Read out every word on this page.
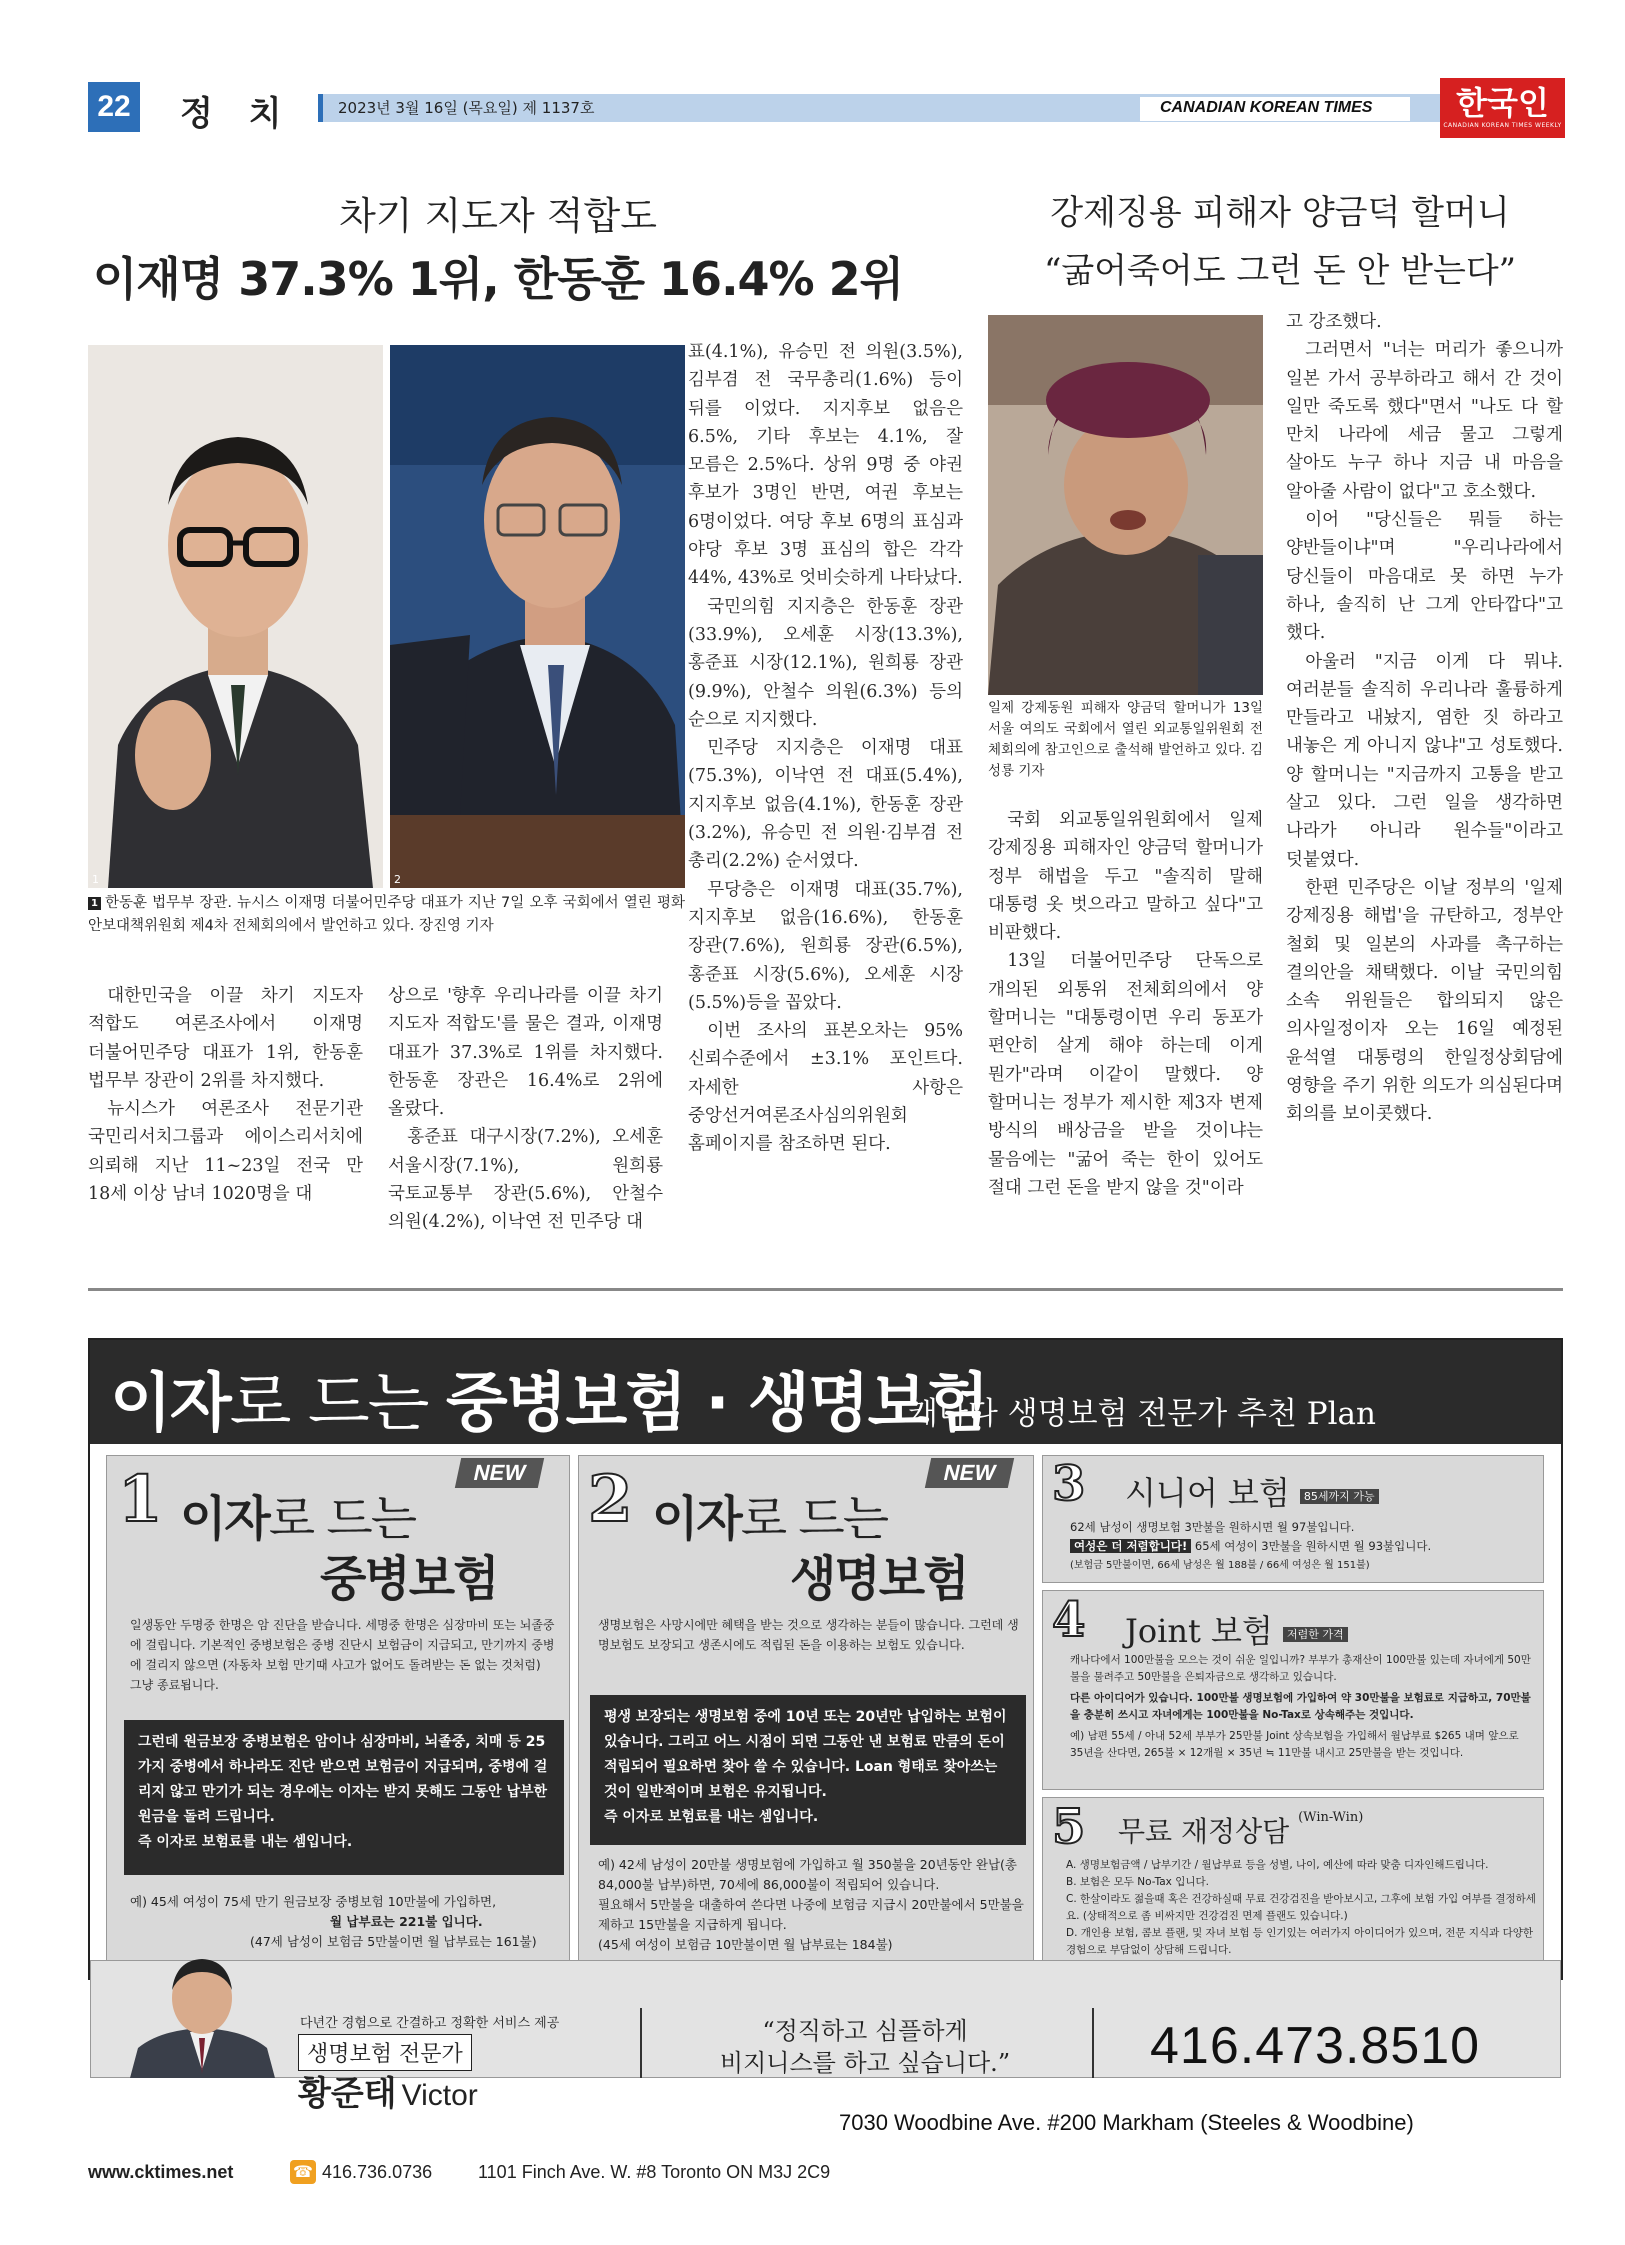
22 정 치	2023년 3월 16일 (목요일) 제 1137호	CANADIAN KOREAN TIMES	한국인
CANADIAN KOREAN TIMES WEEKLY
차기 지도자 적합도
이재명 37.3% 1위, 한동훈 16.4% 2위
1	2
1 한동훈 법무부 장관. 뉴시스 이재명 더불어민주당 대표가 지난 7일 오후 국회에서 열린 평화안보대책위원회 제4차 전체회의에서 발언하고 있다. 장진영 기자

대한민국을 이끌 차기 지도자 적합도 여론조사에서 이재명 더불어민주당 대표가 1위, 한동훈 법무부 장관이 2위를 차지했다.

뉴시스가 여론조사 전문기관 국민리서치그룹과 에이스리서치에 의뢰해 지난 11~23일 전국 만 18세 이상 남녀 1020명을 대

상으로 '향후 우리나라를 이끌 차기 지도자 적합도'를 물은 결과, 이재명 대표가 37.3%로 1위를 차지했다. 한동훈 장관은 16.4%로 2위에 올랐다.

홍준표 대구시장(7.2%), 오세훈 서울시장(7.1%), 원희룡 국토교통부 장관(5.6%), 안철수 의원(4.2%), 이낙연 전 민주당 대

표(4.1%), 유승민 전 의원(3.5%), 김부겸 전 국무총리(1.6%) 등이 뒤를 이었다. 지지후보 없음은 6.5%, 기타 후보는 4.1%, 잘 모름은 2.5%다. 상위 9명 중 야권 후보가 3명인 반면, 여권 후보는 6명이었다. 여당 후보 6명의 표심과 야당 후보 3명 표심의 합은 각각 44%, 43%로 엇비슷하게 나타났다.

국민의힘 지지층은 한동훈 장관(33.9%), 오세훈 시장(13.3%), 홍준표 시장(12.1%), 원희룡 장관(9.9%), 안철수 의원(6.3%) 등의 순으로 지지했다.

민주당 지지층은 이재명 대표(75.3%), 이낙연 전 대표(5.4%), 지지후보 없음(4.1%), 한동훈 장관(3.2%), 유승민 전 의원·김부겸 전 총리(2.2%) 순서였다.

무당층은 이재명 대표(35.7%), 지지후보 없음(16.6%), 한동훈 장관(7.6%), 원희룡 장관(6.5%), 홍준표 시장(5.6%), 오세훈 시장(5.5%)등을 꼽았다.

이번 조사의 표본오차는 95% 신뢰수준에서 ±3.1% 포인트다. 자세한 사항은 중앙선거여론조사심의위원회 홈페이지를 참조하면 된다.

강제징용 피해자 양금덕 할머니
“굶어죽어도 그런 돈 안 받는다”
일제 강제동원 피해자 양금덕 할머니가 13일 서울 여의도 국회에서 열린 외교통일위원회 전체회의에 참고인으로 출석해 발언하고 있다. 김성룡 기자

국회 외교통일위원회에서 일제 강제징용 피해자인 양금덕 할머니가 정부 해법을 두고 "솔직히 말해 대통령 옷 벗으라고 말하고 싶다"고 비판했다.

13일 더불어민주당 단독으로 개의된 외통위 전체회의에서 양 할머니는 "대통령이면 우리 동포가 편안히 살게 해야 하는데 이게 뭔가"라며 이같이 말했다. 양 할머니는 정부가 제시한 제3자 변제 방식의 배상금을 받을 것이냐는 물음에는 "굶어 죽는 한이 있어도 절대 그런 돈을 받지 않을 것"이라

고 강조했다.

그러면서 "너는 머리가 좋으니까 일본 가서 공부하라고 해서 간 것이 일만 죽도록 했다"면서 "나도 다 할 만치 나라에 세금 물고 그렇게 살아도 누구 하나 지금 내 마음을 알아줄 사람이 없다"고 호소했다.

이어 "당신들은 뭐들 하는 양반들이냐"며 "우리나라에서 당신들이 마음대로 못 하면 누가 하나, 솔직히 난 그게 안타깝다"고 했다.

아울러 "지금 이게 다 뭐냐. 여러분들 솔직히 우리나라 훌륭하게 만들라고 내놨지, 염한 짓 하라고 내놓은 게 아니지 않냐"고 성토했다. 양 할머니는 "지금까지 고통을 받고 살고 있다. 그런 일을 생각하면 나라가 아니라 원수들"이라고 덧붙였다.

한편 민주당은 이날 정부의 '일제 강제징용 해법'을 규탄하고, 정부안 철회 및 일본의 사과를 촉구하는 결의안을 채택했다. 이날 국민의힘 소속 위원들은 합의되지 않은 의사일정이자 오는 16일 예정된 윤석열 대통령의 한일정상회담에 영향을 주기 위한 의도가 의심된다며 회의를 보이콧했다.

이자로 드는 중병보험 · 생명보험
캐나다 생명보험 전문가 추천 Plan
1	NEW
이자로 드는
중병보험
일생동안 두명중 한명은 암 진단을 받습니다. 세명중 한명은 심장마비 또는 뇌졸중에 걸립니다. 기본적인 중병보험은 중병 진단시 보험금이 지급되고, 만기까지 중병에 걸리지 않으면 (자동차 보험 만기때 사고가 없어도 돌려받는 돈 없는 것처럼) 그냥 종료됩니다.
그런데 원금보장 중병보험은 암이나 심장마비, 뇌졸중, 치매 등 25가지 중병에서 하나라도 진단 받으면 보험금이 지급되며, 중병에 걸리지 않고 만기가 되는 경우에는 이자는 받지 못해도 그동안 납부한 원금을 돌려 드립니다.
즉 이자로 보험료를 내는 셈입니다.
예) 45세 여성이 75세 만기 원금보장 중병보험 10만불에 가입하면,
월 납부료는 221불 입니다.
(47세 남성이 보험금 5만불이면 월 납부료는 161불)
2	NEW
이자로 드는
생명보험
생명보험은 사망시에만 혜택을 받는 것으로 생각하는 분들이 많습니다. 그런데 생명보험도 보장되고 생존시에도 적립된 돈을 이용하는 보험도 있습니다.
평생 보장되는 생명보험 중에 10년 또는 20년만 납입하는 보험이 있습니다. 그리고 어느 시점이 되면 그동안 낸 보험료 만큼의 돈이 적립되어 필요하면 찾아 쓸 수 있습니다. Loan 형태로 찾아쓰는 것이 일반적이며 보험은 유지됩니다.
즉 이자로 보험료를 내는 셈입니다.
예) 42세 남성이 20만불 생명보험에 가입하고 월 350불을 20년동안 완납(총 84,000불 납부)하면, 70세에 86,000불이 적립되어 있습니다.
필요해서 5만불을 대출하여 쓴다면 나중에 보험금 지급시 20만불에서 5만불을 제하고 15만불을 지급하게 됩니다.
(45세 여성이 보험금 10만불이면 월 납부료는 184불)
3 시니어 보험 85세까지 가능
62세 남성이 생명보험 3만불을 원하시면 월 97불입니다.
여성은 더 저렴합니다! 65세 여성이 3만불을 원하시면 월 93불입니다.
(보험금 5만불이면, 66세 남성은 월 188불 / 66세 여성은 월 151불)
4 Joint 보험 저렴한 가격
캐나다에서 100만불을 모으는 것이 쉬운 일입니까? 부부가 총재산이 100만불 있는데 자녀에게 50만불을 물려주고 50만불을 은퇴자금으로 생각하고 있습니다.
다른 아이디어가 있습니다. 100만불 생명보험에 가입하여 약 30만불을 보험료로 지급하고, 70만불을 충분히 쓰시고 자녀에게는 100만불을 No-Tax로 상속해주는 것입니다.
예) 남편 55세 / 아내 52세 부부가 25만불 Joint 상속보험을 가입해서 월납부료 $265 내며 앞으로 35년을 산다면, 265불 × 12개월 × 35년 ≒ 11만불 내시고 25만불을 받는 것입니다.
5 무료 재정상담 $^{(Win-Win)}$
A. 생명보험금액 / 납부기간 / 월납부료 등을 성별, 나이, 예산에 따라 맞춤 디자인해드립니다.
B. 보험은 모두 No-Tax 입니다.
C. 한살이라도 젊을때 혹은 건강하실때 무료 건강검진을 받아보시고, 그후에 보험 가입 여부를 결정하세요. (상태적으로 좀 비싸지만 건강검진 면제 플랜도 있습니다.)
D. 개인용 보험, 콤보 플랜, 및 자녀 보험 등 인기있는 여러가지 아이디어가 있으며, 전문 지식과 다양한 경험으로 부담없이 상담해 드립니다.
다년간 경험으로 간결하고 정확한 서비스 제공
생명보험 전문가
황준태 Victor
“정직하고 심플하게
비지니스를 하고 싶습니다.”	416.473.8510
7030 Woodbine Ave. #200 Markham (Steeles & Woodbine)
www.cktimes.net	☎ 416.736.0736	1101 Finch Ave. W. #8 Toronto ON M3J 2C9
